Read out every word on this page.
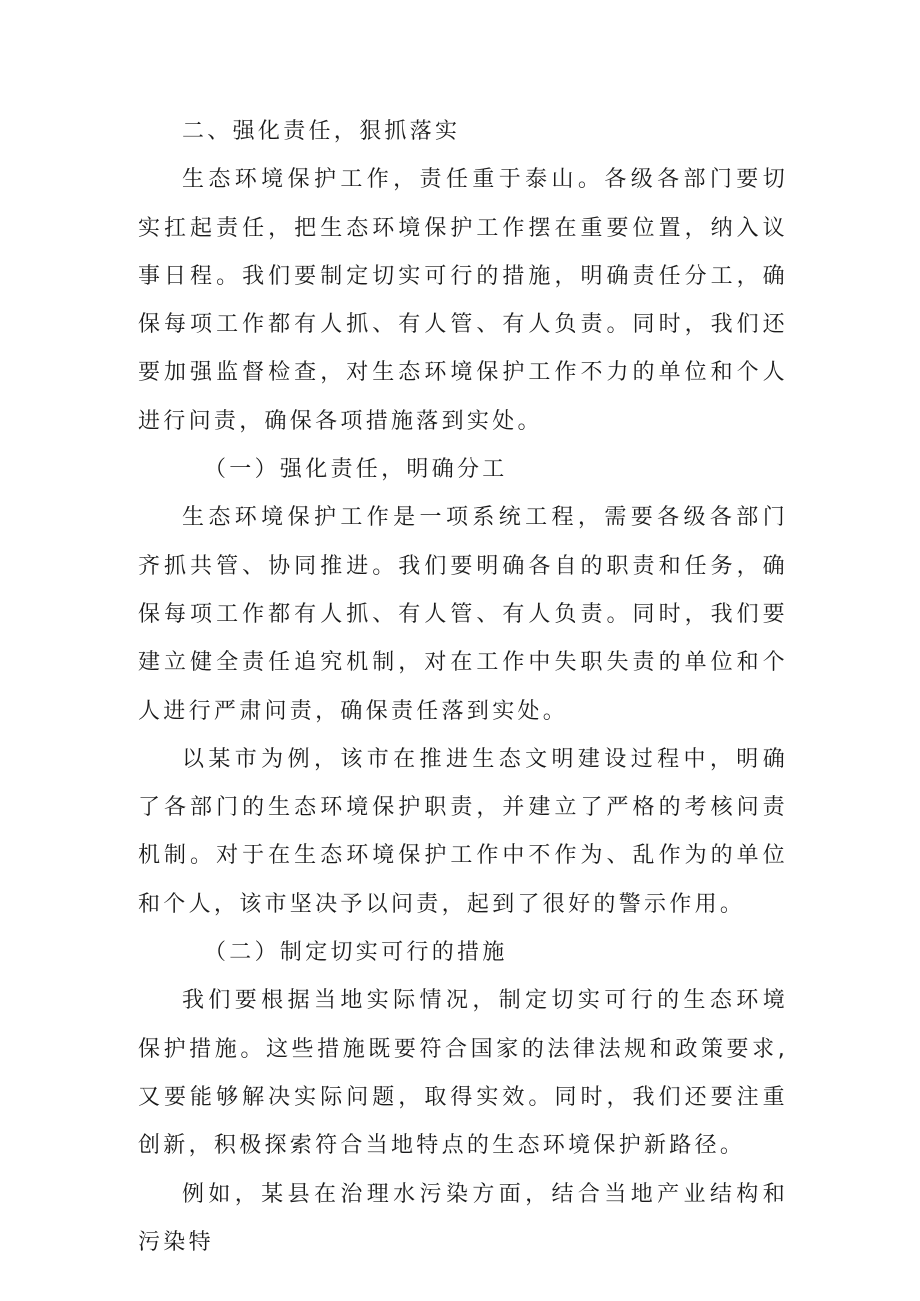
二、强化责任，狠抓落实

生态环境保护工作，责任重于泰山。各级各部门要切实扛起责任，把生态环境保护工作摆在重要位置，纳入议事日程。我们要制定切实可行的措施，明确责任分工，确保每项工作都有人抓、有人管、有人负责。同时，我们还要加强监督检查，对生态环境保护工作不力的单位和个人进行问责，确保各项措施落到实处。

（一）强化责任，明确分工

生态环境保护工作是一项系统工程，需要各级各部门齐抓共管、协同推进。我们要明确各自的职责和任务，确保每项工作都有人抓、有人管、有人负责。同时，我们要建立健全责任追究机制，对在工作中失职失责的单位和个人进行严肃问责，确保责任落到实处。

以某市为例，该市在推进生态文明建设过程中，明确了各部门的生态环境保护职责，并建立了严格的考核问责机制。对于在生态环境保护工作中不作为、乱作为的单位和个人，该市坚决予以问责，起到了很好的警示作用。

（二）制定切实可行的措施

我们要根据当地实际情况，制定切实可行的生态环境保护措施。这些措施既要符合国家的法律法规和政策要求,又要能够解决实际问题，取得实效。同时，我们还要注重创新，积极探索符合当地特点的生态环境保护新路径。

例如，某县在治理水污染方面，结合当地产业结构和污染特
